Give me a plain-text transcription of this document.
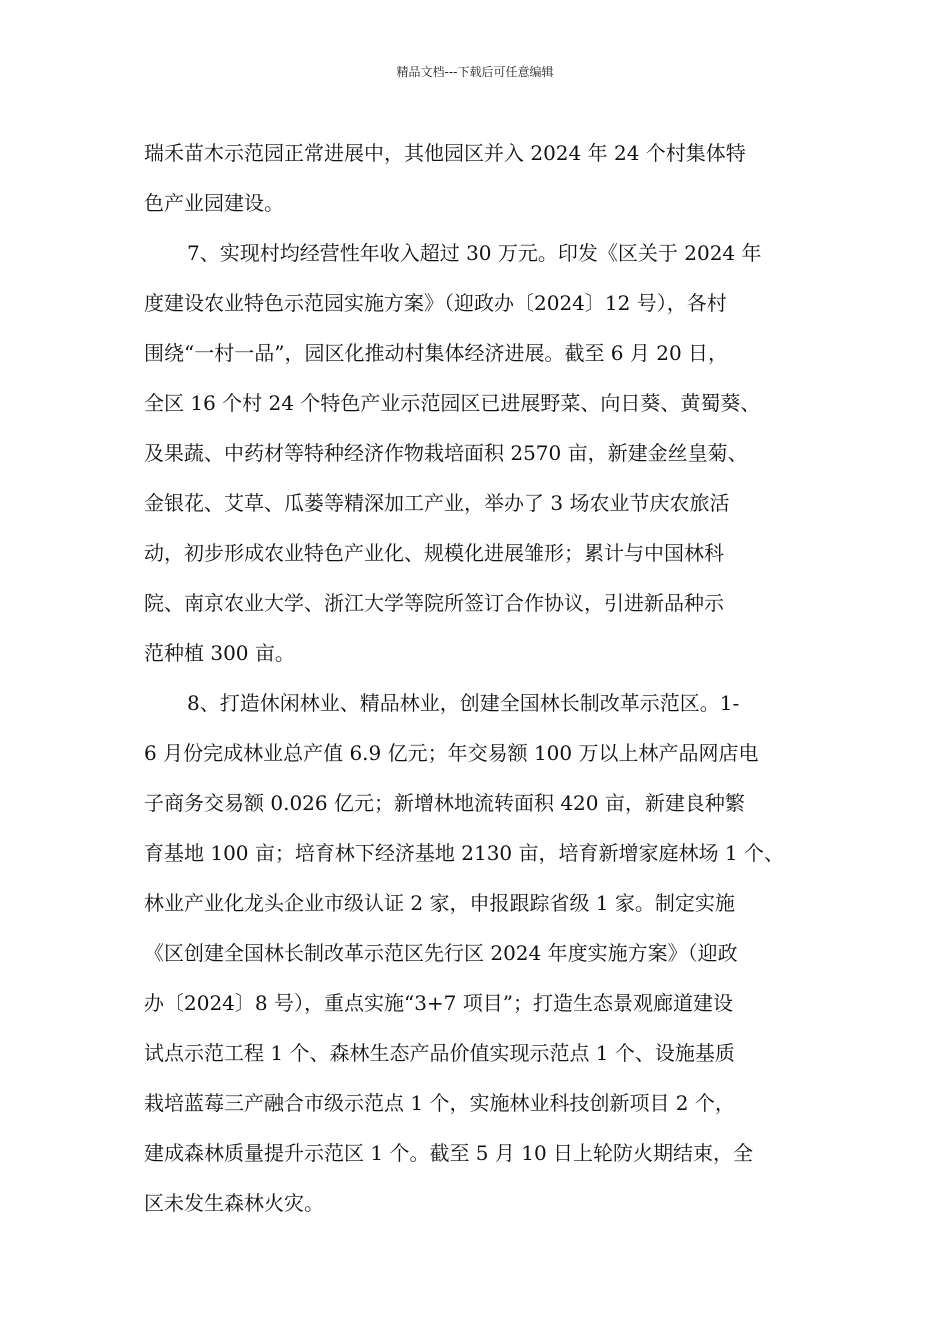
精品文档---下载后可任意编辑
瑞禾苗木示范园正常进展中，其他园区并入 2024 年 24 个村集体特
色产业园建设。
7、实现村均经营性年收入超过 30 万元。印发《区关于 2024 年
度建设农业特色示范园实施方案》（迎政办〔2024〕12 号），各村
围绕“一村一品”，园区化推动村集体经济进展。截至 6 月 20 日，
全区 16 个村 24 个特色产业示范园区已进展野菜、向日葵、黄蜀葵、
及果蔬、中药材等特种经济作物栽培面积 2570 亩，新建金丝皇菊、
金银花、艾草、瓜蒌等精深加工产业，举办了 3 场农业节庆农旅活
动，初步形成农业特色产业化、规模化进展雏形；累计与中国林科
院、南京农业大学、浙江大学等院所签订合作协议，引进新品种示
范种植 300 亩。
8、打造休闲林业、精品林业，创建全国林长制改革示范区。1-
6 月份完成林业总产值 6.9 亿元；年交易额 100 万以上林产品网店电
子商务交易额 0.026 亿元；新增林地流转面积 420 亩，新建良种繁
育基地 100 亩；培育林下经济基地 2130 亩，培育新增家庭林场 1 个、
林业产业化龙头企业市级认证 2 家，申报跟踪省级 1 家。制定实施
《区创建全国林长制改革示范区先行区 2024 年度实施方案》（迎政
办〔2024〕8 号），重点实施“3+7 项目”；打造生态景观廊道建设
试点示范工程 1 个、森林生态产品价值实现示范点 1 个、设施基质
栽培蓝莓三产融合市级示范点 1 个，实施林业科技创新项目 2 个，
建成森林质量提升示范区 1 个。截至 5 月 10 日上轮防火期结束，全
区未发生森林火灾。
